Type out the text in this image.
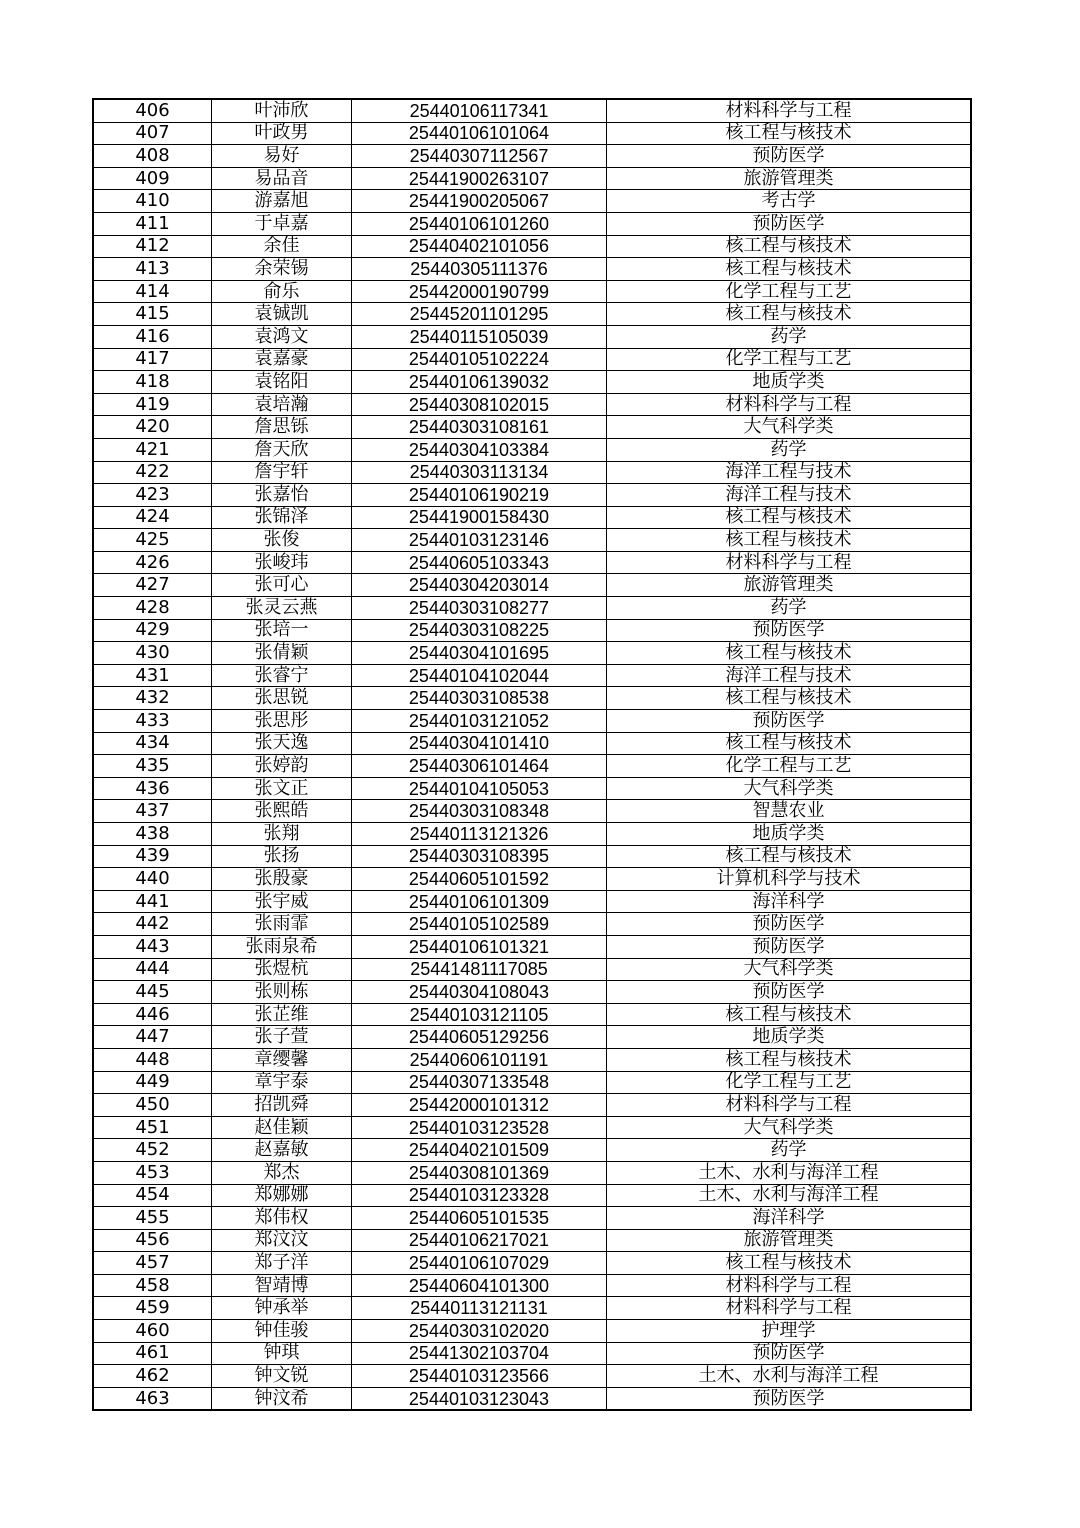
406	叶沛欣	25440106117341	材料科学与工程
407	叶政男	25440106101064	核工程与核技术
408	易好	25440307112567	预防医学
409	易品音	25441900263107	旅游管理类
410	游嘉旭	25441900205067	考古学
411	于卓嘉	25440106101260	预防医学
412	余佳	25440402101056	核工程与核技术
413	余荣锡	25440305111376	核工程与核技术
414	俞乐	25442000190799	化学工程与工艺
415	袁铖凯	25445201101295	核工程与核技术
416	袁鸿文	25440115105039	药学
417	袁嘉豪	25440105102224	化学工程与工艺
418	袁铭阳	25440106139032	地质学类
419	袁培瀚	25440308102015	材料科学与工程
420	詹思铄	25440303108161	大气科学类
421	詹天欣	25440304103384	药学
422	詹宇轩	25440303113134	海洋工程与技术
423	张嘉怡	25440106190219	海洋工程与技术
424	张锦泽	25441900158430	核工程与核技术
425	张俊	25440103123146	核工程与核技术
426	张峻玮	25440605103343	材料科学与工程
427	张可心	25440304203014	旅游管理类
428	张灵云燕	25440303108277	药学
429	张培一	25440303108225	预防医学
430	张倩颖	25440304101695	核工程与核技术
431	张睿宁	25440104102044	海洋工程与技术
432	张思锐	25440303108538	核工程与核技术
433	张思彤	25440103121052	预防医学
434	张天逸	25440304101410	核工程与核技术
435	张婷韵	25440306101464	化学工程与工艺
436	张文正	25440104105053	大气科学类
437	张熙皓	25440303108348	智慧农业
438	张翔	25440113121326	地质学类
439	张扬	25440303108395	核工程与核技术
440	张殷豪	25440605101592	计算机科学与技术
441	张宇威	25440106101309	海洋科学
442	张雨霏	25440105102589	预防医学
443	张雨泉希	25440106101321	预防医学
444	张煜杭	25441481117085	大气科学类
445	张则栋	25440304108043	预防医学
446	张芷维	25440103121105	核工程与核技术
447	张子萱	25440605129256	地质学类
448	章缨馨	25440606101191	核工程与核技术
449	章宇泰	25440307133548	化学工程与工艺
450	招凯舜	25442000101312	材料科学与工程
451	赵佳颖	25440103123528	大气科学类
452	赵嘉敏	25440402101509	药学
453	郑杰	25440308101369	土木、水利与海洋工程
454	郑娜娜	25440103123328	土木、水利与海洋工程
455	郑伟权	25440605101535	海洋科学
456	郑汶汶	25440106217021	旅游管理类
457	郑子洋	25440106107029	核工程与核技术
458	智靖博	25440604101300	材料科学与工程
459	钟承举	25440113121131	材料科学与工程
460	钟佳骏	25440303102020	护理学
461	钟琪	25441302103704	预防医学
462	钟文锐	25440103123566	土木、水利与海洋工程
463	钟汶希	25440103123043	预防医学
